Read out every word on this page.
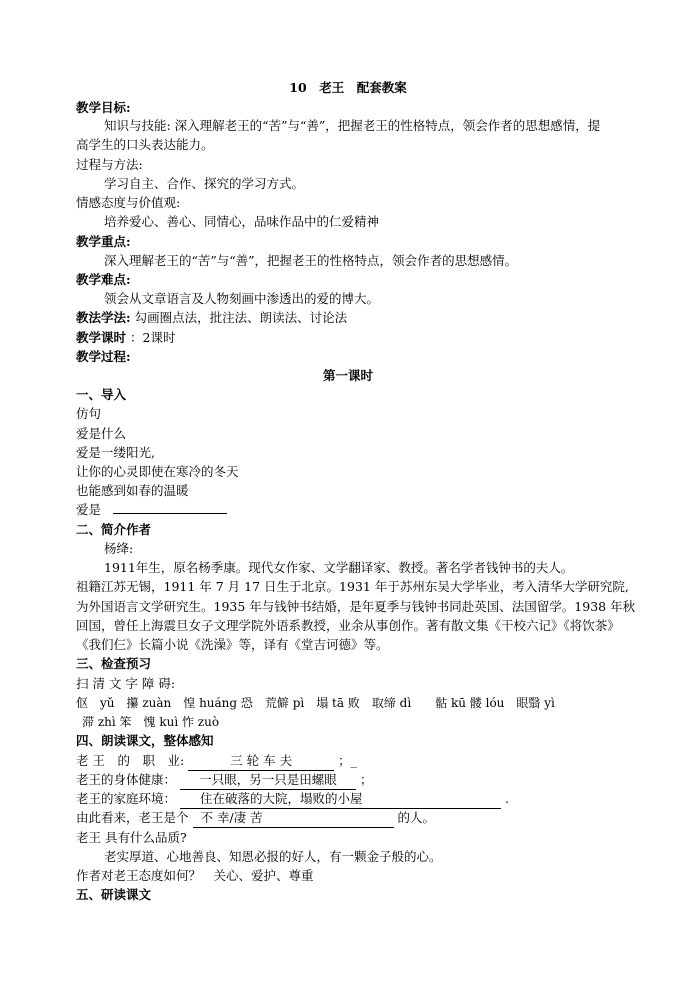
10　老王　配套教案
教学目标:
知识与技能: 深入理解老王的“苦”与“善”，把握老王的性格特点，领会作者的思想感情，提
高学生的口头表达能力。
过程与方法:
学习自主、合作、探究的学习方式。
情感态度与价值观:
培养爱心、善心、同情心，品味作品中的仁爱精神
教学重点:
深入理解老王的“苦”与“善”，把握老王的性格特点，领会作者的思想感情。
教学难点:
领会从文章语言及人物刻画中渗透出的爱的博大。
教法学法: 勾画圈点法，批注法、朗读法、讨论法
教学课时 ：2课时
教学过程:
第一课时
一、导入
仿句
爱是什么
爱是一缕阳光,
让你的心灵即使在寒冷的冬天
也能感到如春的温暖
爱是
二、简介作者
杨绛:
1911年生，原名杨季康。现代女作家、文学翻译家、教授。著名学者钱钟书的夫人。
祖籍江苏无锡，1911 年 7 月 17 日生于北京。1931 年于苏州东吴大学毕业，考入清华大学研究院,
为外国语言文学研究生。1935 年与钱钟书结婚，是年夏季与钱钟书同赴英国、法国留学。1938 年秋
回国，曾任上海震旦女子文理学院外语系教授，业余从事创作。著有散文集《干校六记》《将饮茶》
《我们仨》长篇小说《洗澡》等，译有《堂吉诃德》等。
三、检查预习
扫 清 文 字 障 碍:
伛　yǔ　攥 zuàn　惶 huáng 恐　荒僻 pì　塌 tā 败　取缔 dì　　骷 kū 髅 lóu　眼翳 yì
滞 zhì 笨　愧 kuì 怍 zuò
四、朗读课文，整体感知
老 王　的　职　业:	三 轮 车 夫	；_
老王的身体健康： 一只眼，另一只是田螺眼 ；
老王的家庭环境： 住在破落的大院，塌败的小屋	.
由此看来，老王是个 不 幸/凄 苦	的人。
老王 具有什么品质?
老实厚道、心地善良、知恩必报的好人，有一颗金子般的心。
作者对老王态度如何？　关心、爱护、尊重
五、研读课文
